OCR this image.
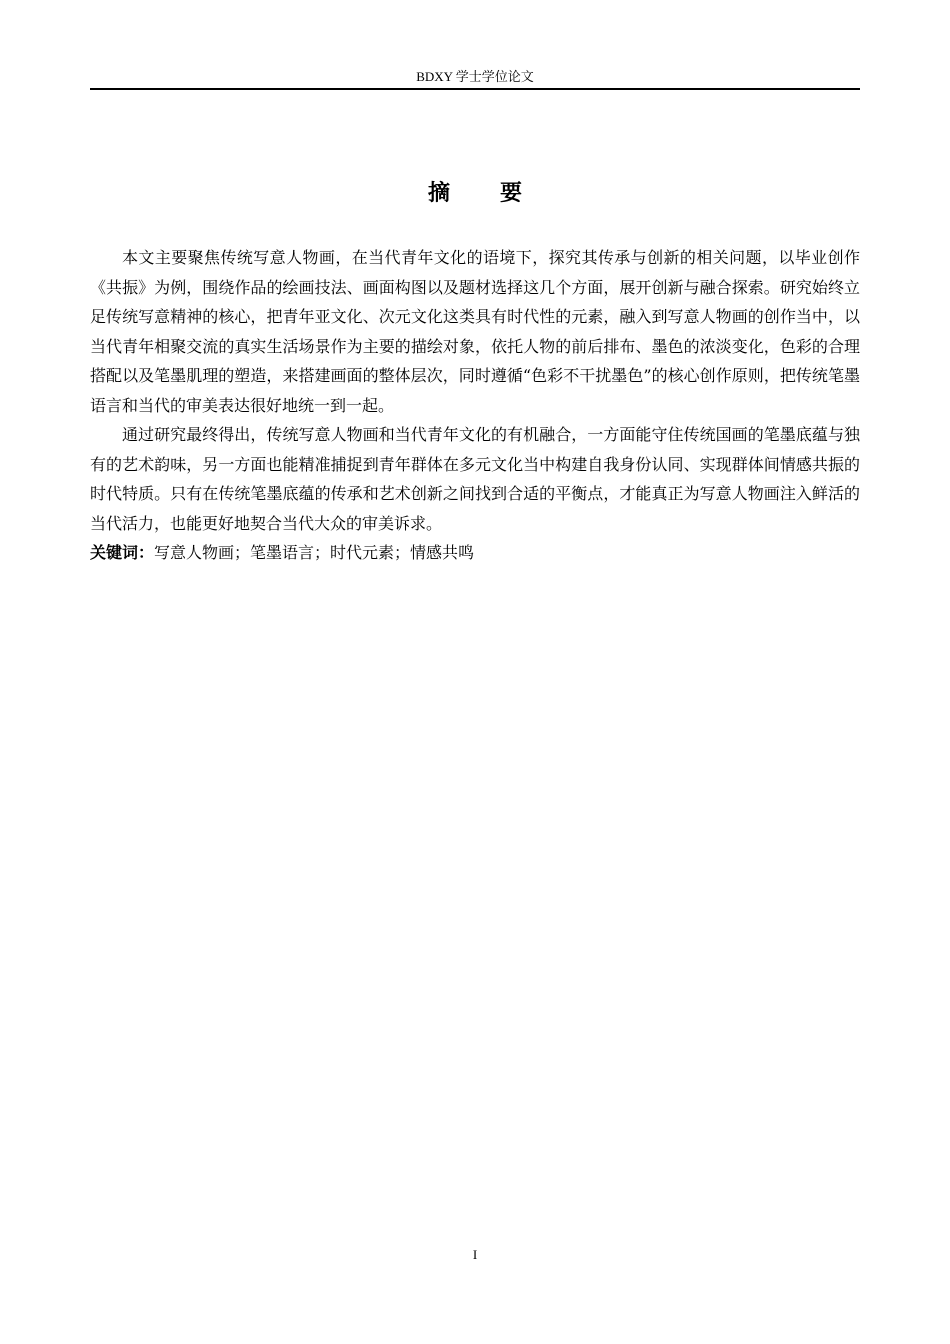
BDXY 学士学位论文
摘 要

本文主要聚焦传统写意人物画，在当代青年文化的语境下，探究其传承与创新的相关问题，以毕业创作《共振》为例，围绕作品的绘画技法、画面构图以及题材选择这几个方面，展开创新与融合探索。研究始终立足传统写意精神的核心，把青年亚文化、次元文化这类具有时代性的元素，融入到写意人物画的创作当中，以当代青年相聚交流的真实生活场景作为主要的描绘对象，依托人物的前后排布、墨色的浓淡变化，色彩的合理搭配以及笔墨肌理的塑造，来搭建画面的整体层次，同时遵循“色彩不干扰墨色”的核心创作原则，把传统笔墨语言和当代的审美表达很好地统一到一起。

通过研究最终得出，传统写意人物画和当代青年文化的有机融合，一方面能守住传统国画的笔墨底蕴与独有的艺术韵味，另一方面也能精准捕捉到青年群体在多元文化当中构建自我身份认同、实现群体间情感共振的时代特质。只有在传统笔墨底蕴的传承和艺术创新之间找到合适的平衡点，才能真正为写意人物画注入鲜活的当代活力，也能更好地契合当代大众的审美诉求。

关键词：写意人物画；笔墨语言；时代元素；情感共鸣

I
